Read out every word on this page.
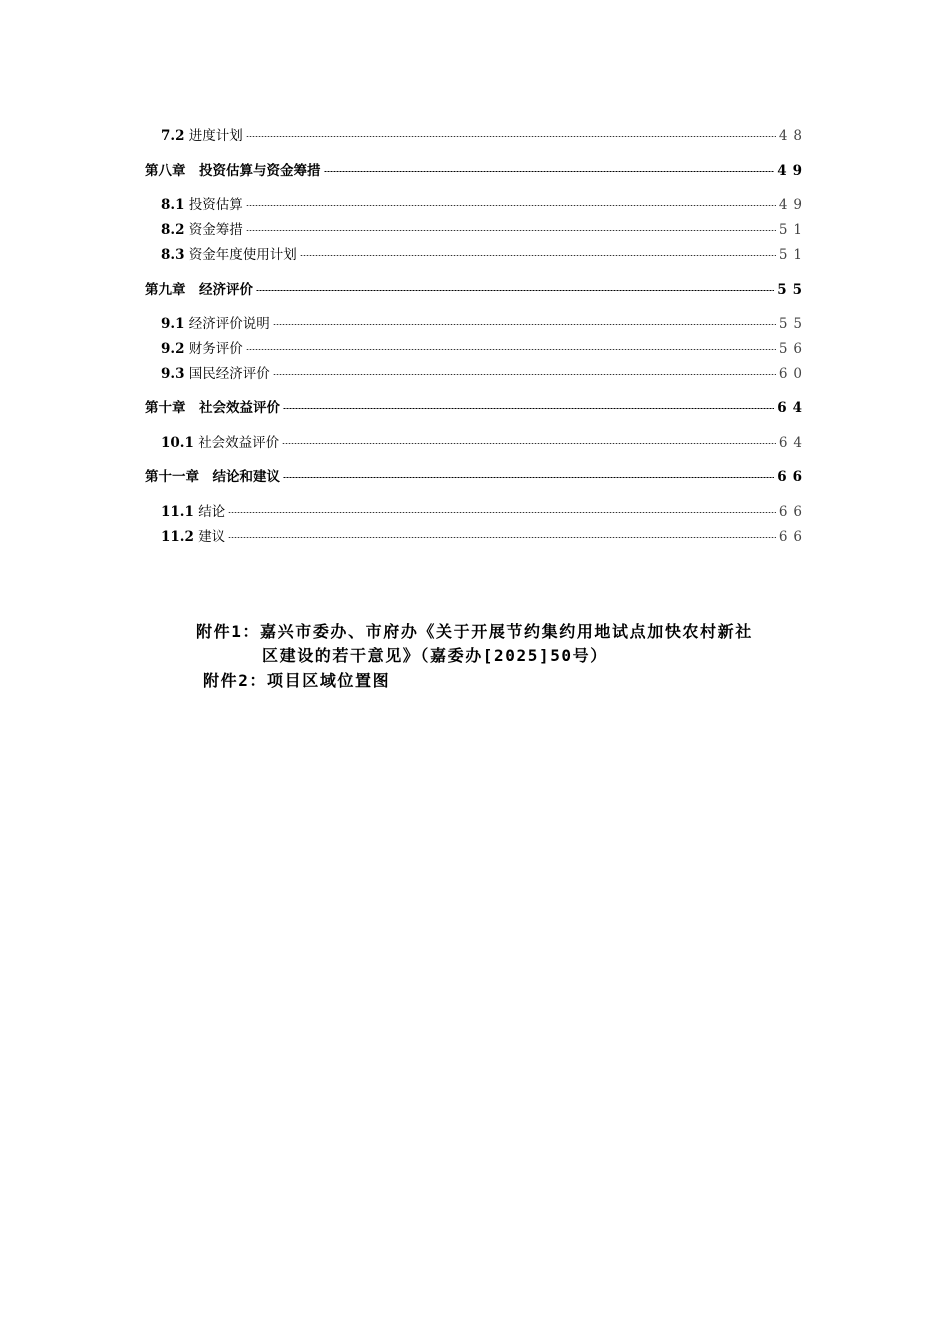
7.2 进度计划	48
第八章　 投资估算与资金筹措	49
8.1 投资估算	49
8.2 资金筹措	51
8.3 资金年度使用计划	51
第九章　 经济评价	55
9.1 经济评价说明	55
9.2 财务评价	56
9.3 国民经济评价	60
第十章　 社会效益评价	64
10.1 社会效益评价	64
第十一章　 结论和建议	66
11.1 结论	66
11.2 建议	66
附件1：嘉兴市委办、市府办《关于开展节约集约用地试点加快农村新社
区建设的若干意见》（嘉委办[2025]50号）
附件2：项目区域位置图
